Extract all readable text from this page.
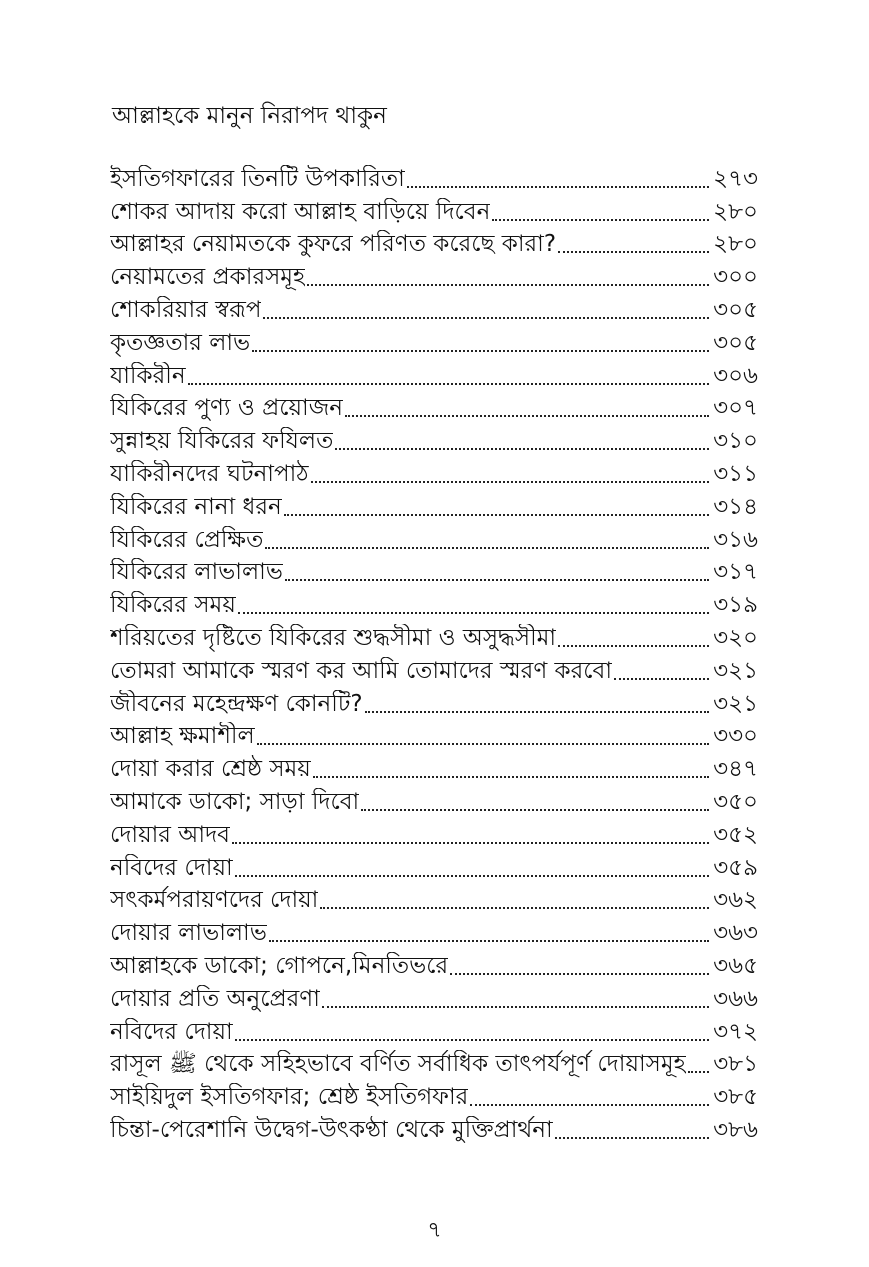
আল্লাহকে মানুন নিরাপদ থাকুন
ইসতিগফারের তিনটি উপকারিতা	২৭৩
শোকর আদায় করো আল্লাহ বাড়িয়ে দিবেন	২৮০
আল্লাহর নেয়ামতকে কুফরে পরিণত করেছে কারা?	২৮০
নেয়ামতের প্রকারসমূহ	৩০০
শোকরিয়ার স্বরূপ	৩০৫
কৃতজ্ঞতার লাভ	৩০৫
যাকিরীন	৩০৬
যিকিরের পুণ্য ও প্রয়োজন	৩০৭
সুন্নাহয় যিকিরের ফযিলত	৩১০
যাকিরীনদের ঘটনাপাঠ	৩১১
যিকিরের নানা ধরন	৩১৪
যিকিরের প্রেক্ষিত	৩১৬
যিকিরের লাভালাভ	৩১৭
যিকিরের সময়	৩১৯
শরিয়তের দৃষ্টিতে যিকিরের শুদ্ধসীমা ও অসুদ্ধসীমা	৩২০
তোমরা আমাকে স্মরণ কর আমি তোমাদের স্মরণ করবো	৩২১
জীবনের মহেন্দ্রক্ষণ কোনটি?	৩২১
আল্লাহ ক্ষমাশীল	৩৩০
দোয়া করার শ্রেষ্ঠ সময়	৩৪৭
আমাকে ডাকো; সাড়া দিবো	৩৫০
দোয়ার আদব	৩৫২
নবিদের দোয়া	৩৫৯
সৎকর্মপরায়ণদের দোয়া	৩৬২
দোয়ার লাভালাভ	৩৬৩
আল্লাহকে ডাকো; গোপনে,মিনতিভরে	৩৬৫
দোয়ার প্রতি অনুপ্রেরণা	৩৬৬
নবিদের দোয়া	৩৭২
রাসূল ﷺ থেকে সহিহভাবে বর্ণিত সর্বাধিক তাৎপর্যপূর্ণ দোয়াসমূহ ৩৮১
সাইয়িদুল ইসতিগফার; শ্রেষ্ঠ ইসতিগফার	৩৮৫
চিন্তা-পেরেশানি উদ্বেগ-উৎকণ্ঠা থেকে মুক্তিপ্রার্থনা	৩৮৬
৭
